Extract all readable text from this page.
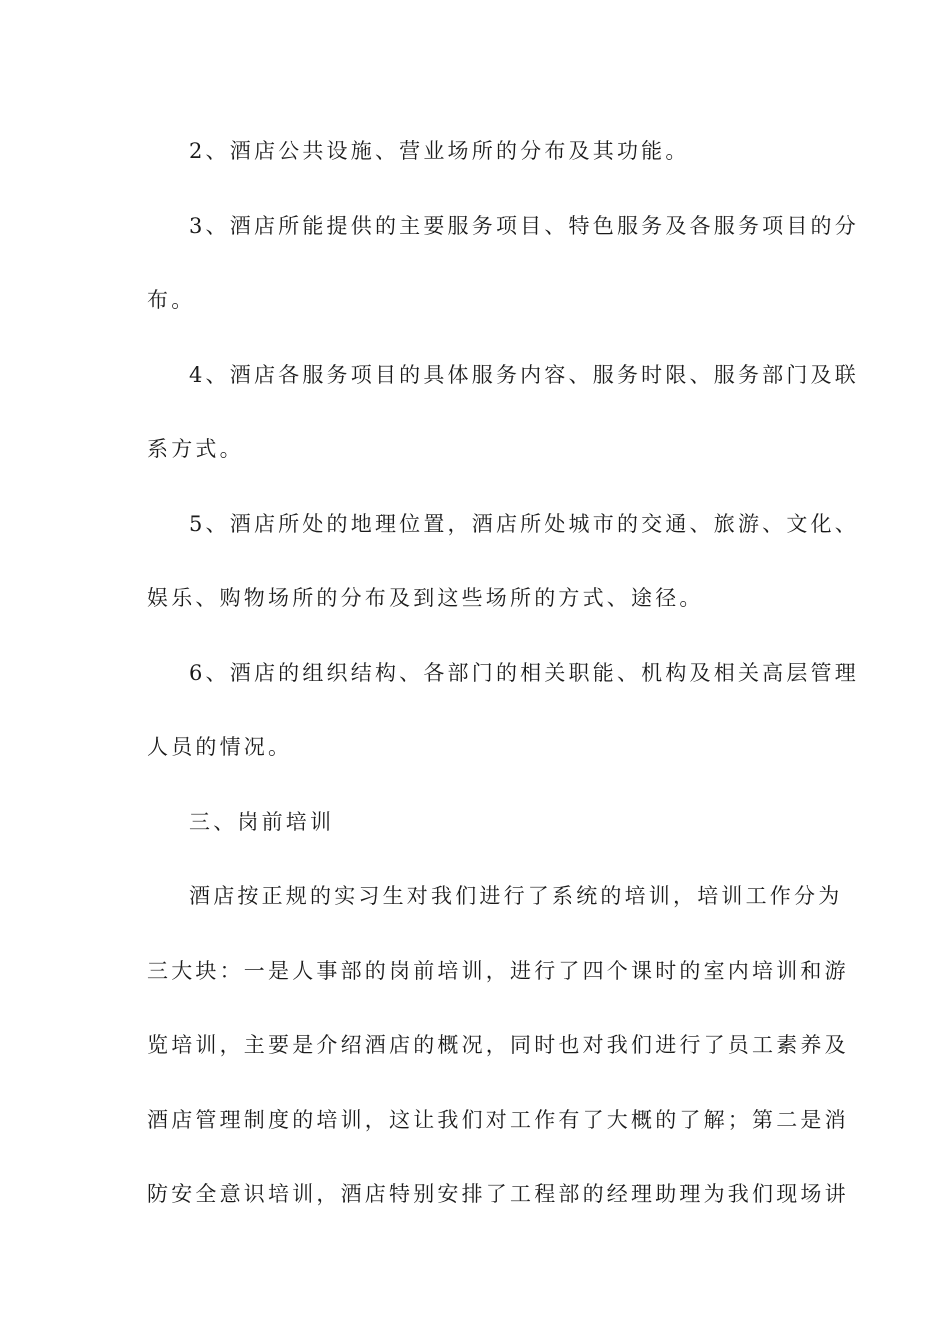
2、酒店公共设施、营业场所的分布及其功能。

3、酒店所能提供的主要服务项目、特色服务及各服务项目的分
布。

4、酒店各服务项目的具体服务内容、服务时限、服务部门及联
系方式。

5、酒店所处的地理位置，酒店所处城市的交通、旅游、文化、
娱乐、购物场所的分布及到这些场所的方式、途径。

6、酒店的组织结构、各部门的相关职能、机构及相关高层管理
人员的情况。

三、岗前培训

酒店按正规的实习生对我们进行了系统的培训，培训工作分为
三大块：一是人事部的岗前培训，进行了四个课时的室内培训和游
览培训，主要是介绍酒店的概况，同时也对我们进行了员工素养及
酒店管理制度的培训，这让我们对工作有了大概的了解；第二是消
防安全意识培训，酒店特别安排了工程部的经理助理为我们现场讲
